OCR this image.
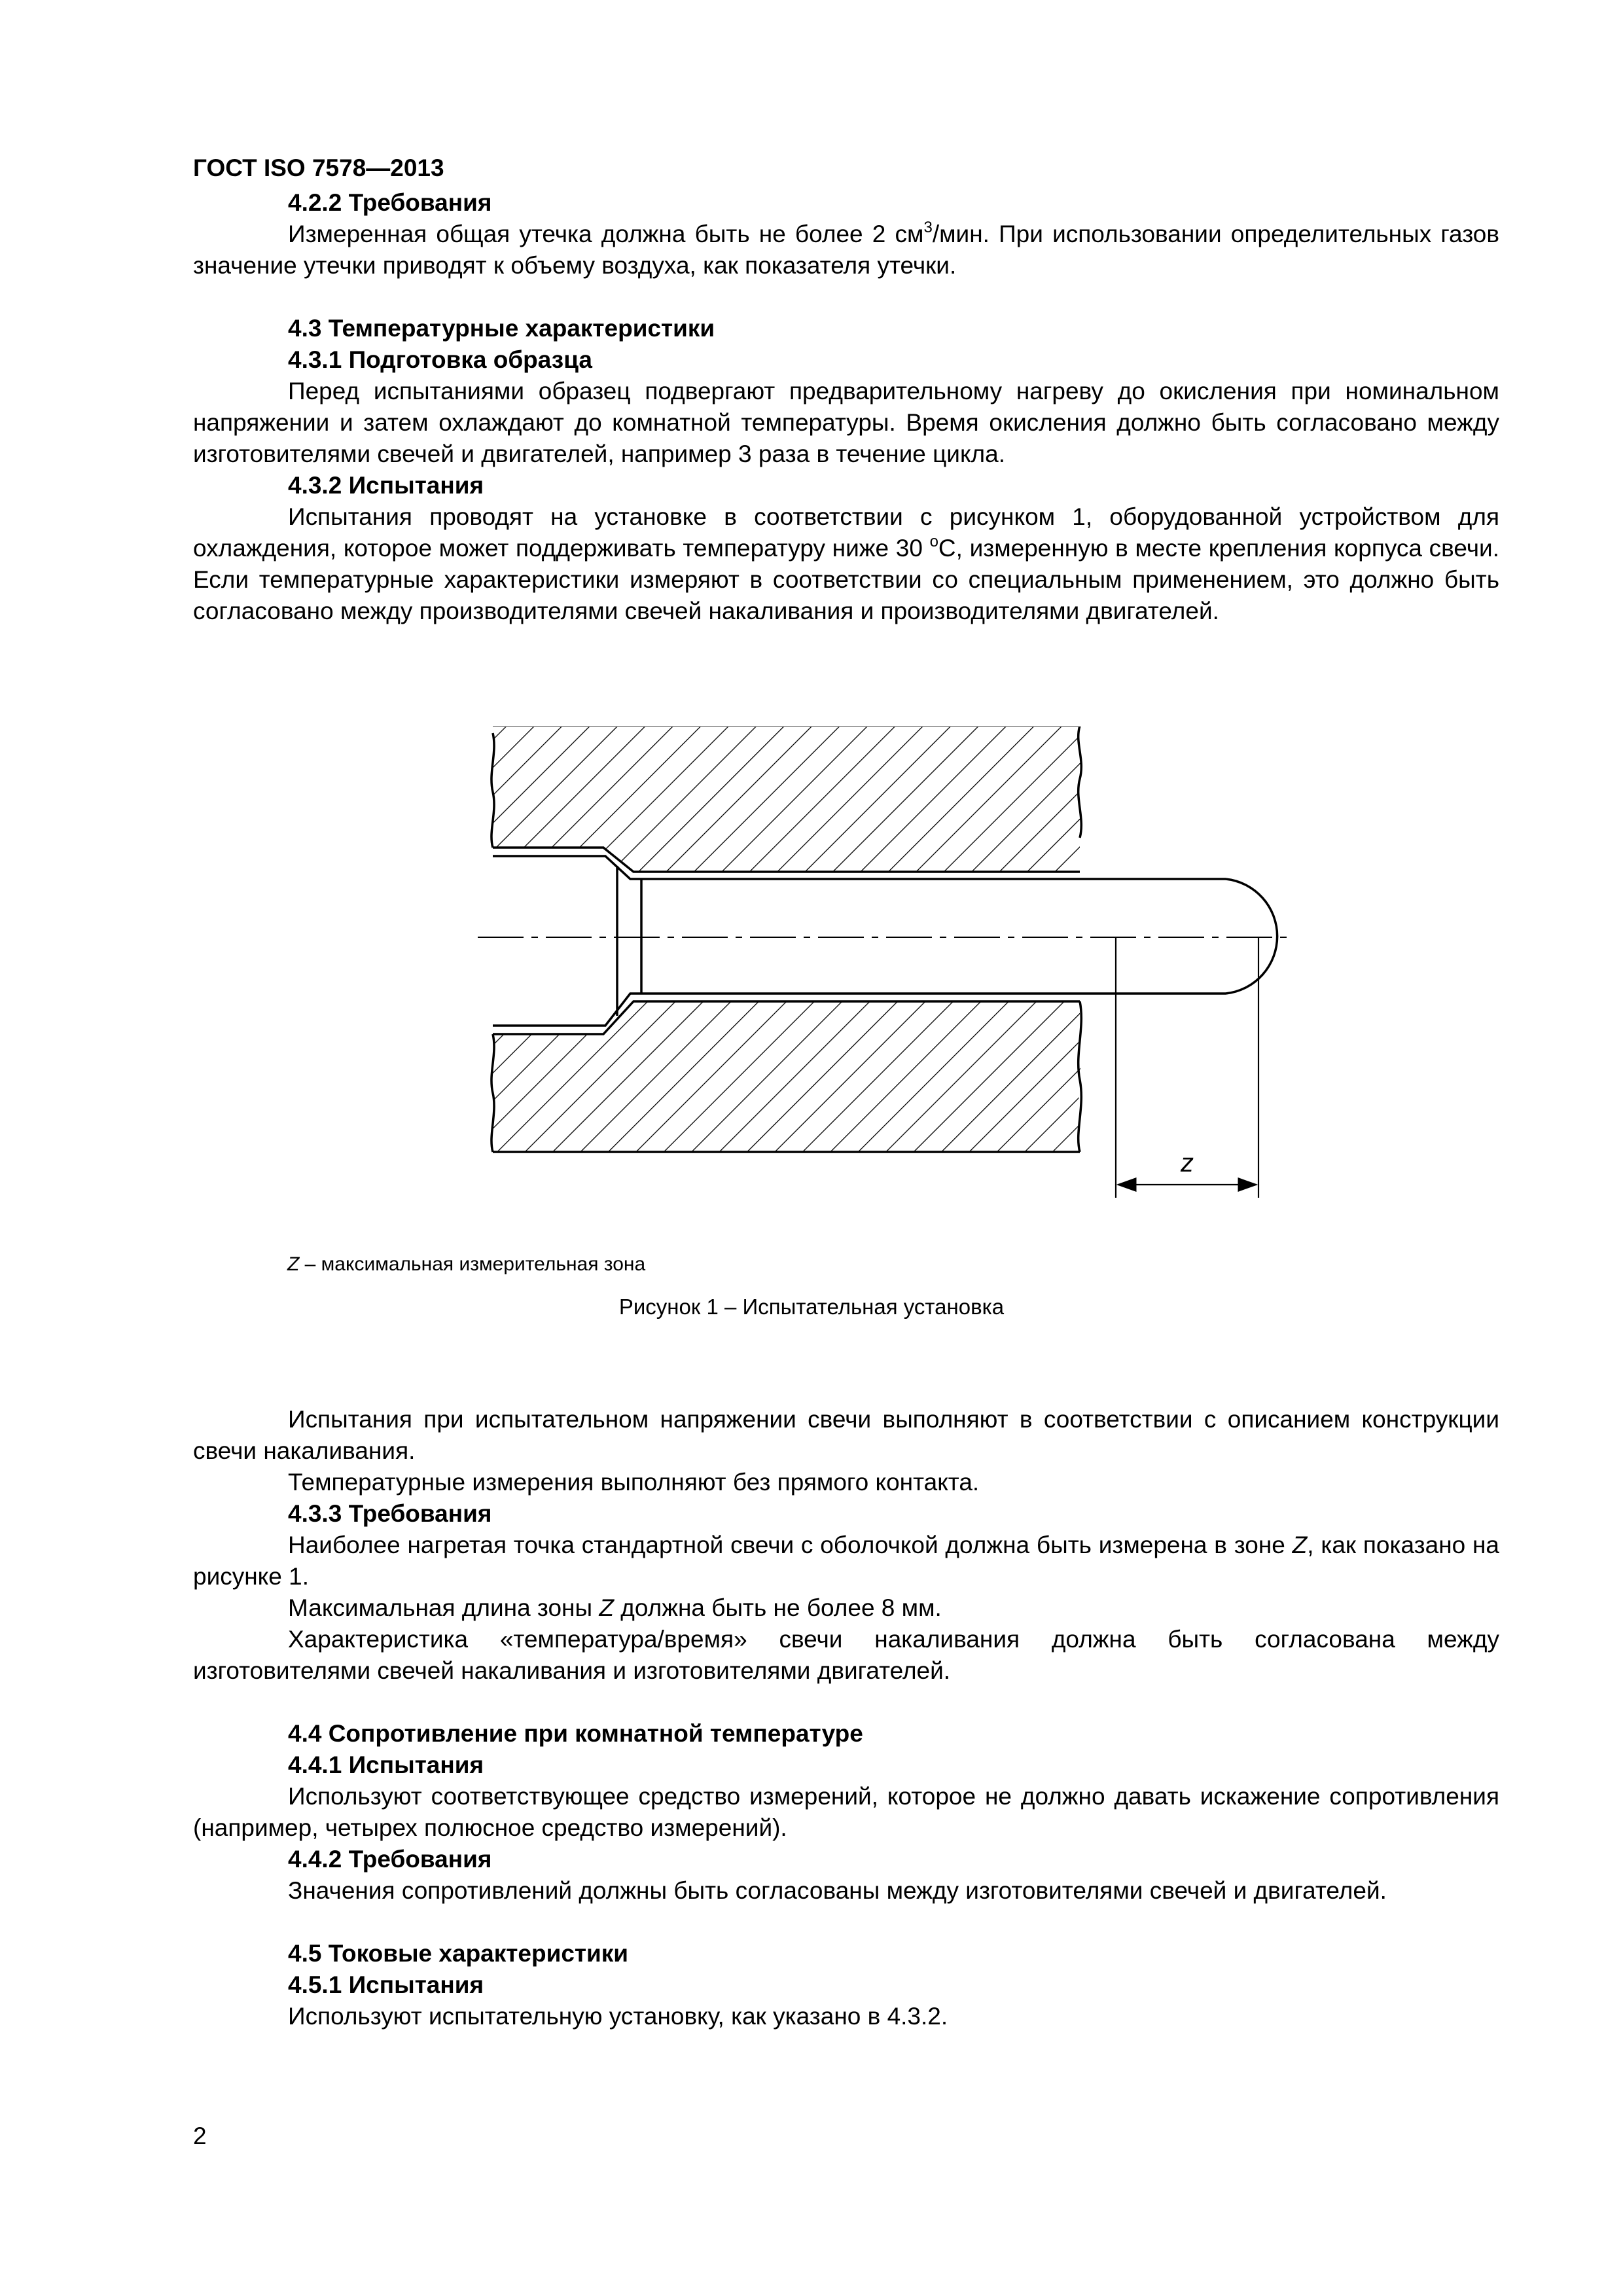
ГОСТ ISO 7578—2013

4.2.2 Требования

Измеренная общая утечка должна быть не более 2 $см^3$/мин. При использовании определительных газов значение утечки приводят к объему воздуха, как показателя утечки.

4.3 Температурные характеристики

4.3.1 Подготовка образца

Перед испытаниями образец подвергают предварительному нагреву до окисления при номинальном напряжении и затем охлаждают до комнатной температуры. Время окисления должно быть согласовано между изготовителями свечей и двигателей, например 3 раза в течение цикла.

4.3.2 Испытания

Испытания проводят на установке в соответствии с рисунком 1, оборудованной устройством для охлаждения, которое может поддерживать температуру ниже 30 $^o$С, измеренную в месте крепления корпуса свечи. Если температурные характеристики измеряют в соответствии со специальным применением, это должно быть согласовано между производителями свечей накаливания и производителями двигателей.

z
Z – максимальная измерительная зона
Рисунок 1 – Испытательная установка

Испытания при испытательном напряжении свечи выполняют в соответствии с описанием конструкции свечи накаливания.

Температурные измерения выполняют без прямого контакта.

4.3.3 Требования

Наиболее нагретая точка стандартной свечи с оболочкой должна быть измерена в зоне Z, как показано на рисунке 1.

Максимальная длина зоны Z должна быть не более 8 мм.

Характеристика «температура/время» свечи накаливания должна быть согласована между изготовителями свечей накаливания и изготовителями двигателей.

4.4 Сопротивление при комнатной температуре

4.4.1 Испытания

Используют соответствующее средство измерений, которое не должно давать искажение сопротивления (например, четырех полюсное средство измерений).

4.4.2 Требования

Значения сопротивлений должны быть согласованы между изготовителями свечей и двигателей.

4.5 Токовые характеристики

4.5.1 Испытания

Используют испытательную установку, как указано в 4.3.2.

2
